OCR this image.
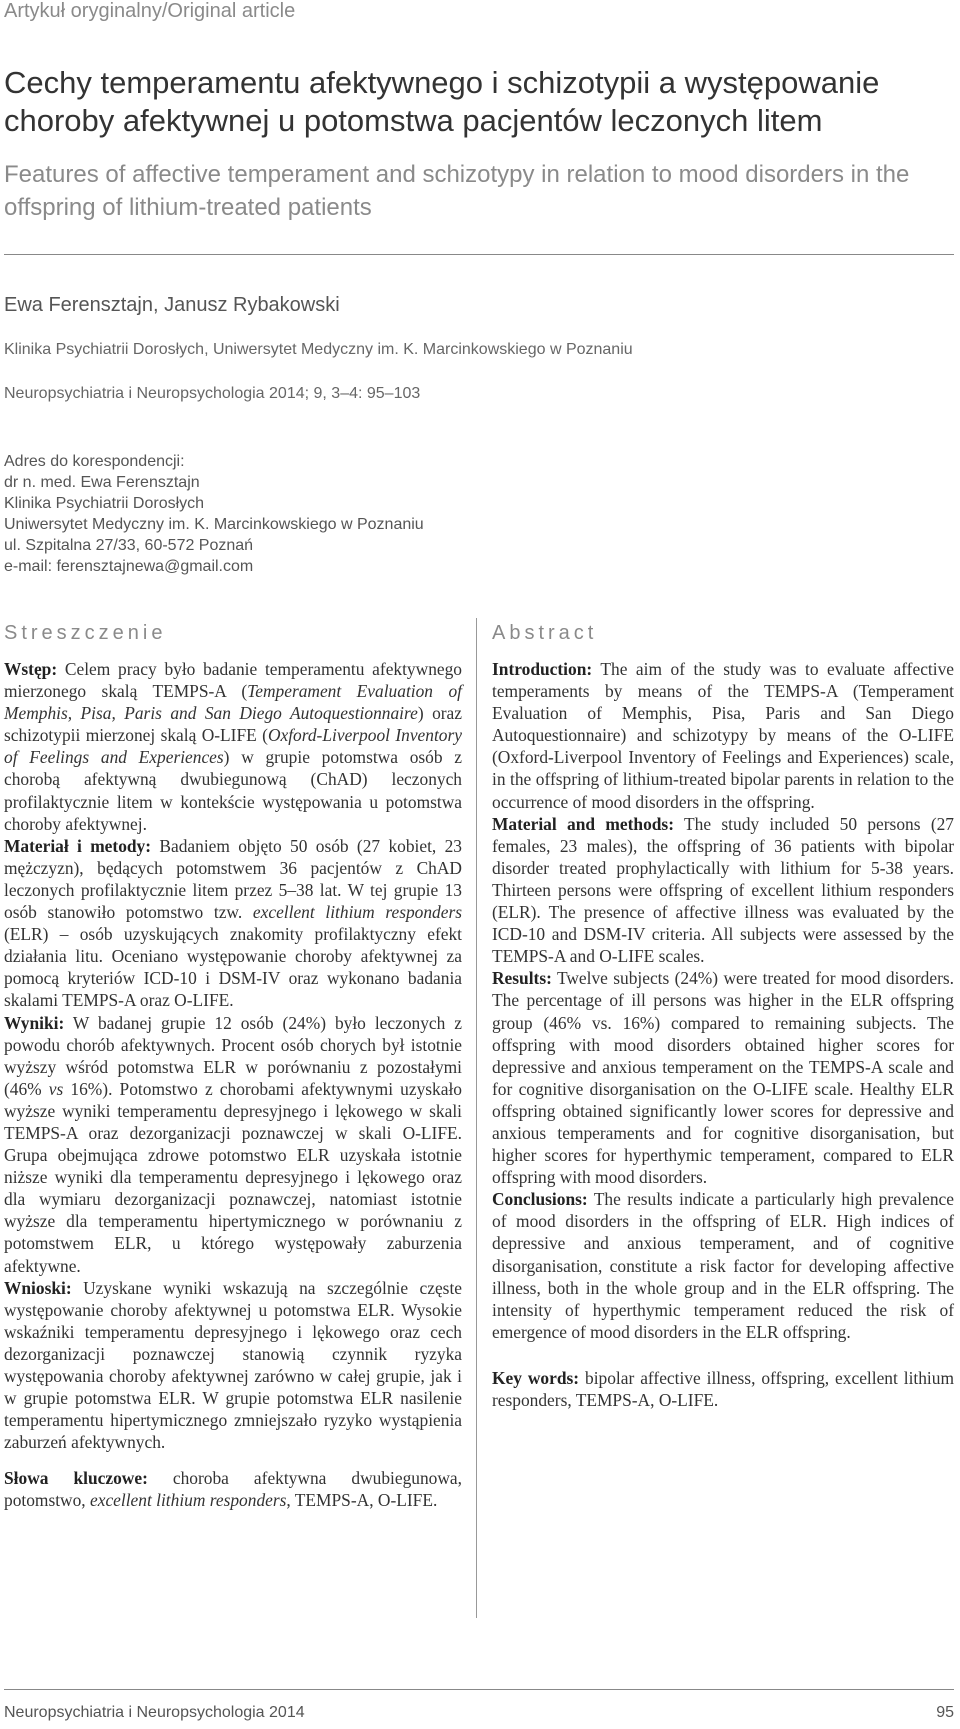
Artykuł oryginalny/Original article
Cechy temperamentu afektywnego i schizotypii a występowanie choroby afektywnej u potomstwa pacjentów leczonych litem
Features of affective temperament and schizotypy in relation to mood disorders in the offspring of lithium-treated patients
Ewa Ferensztajn, Janusz Rybakowski
Klinika Psychiatrii Dorosłych, Uniwersytet Medyczny im. K. Marcinkowskiego w Poznaniu
Neuropsychiatria i Neuropsychologia 2014; 9, 3–4: 95–103
Adres do korespondencji:
dr n. med. Ewa Ferensztajn
Klinika Psychiatrii Dorosłych
Uniwersytet Medyczny im. K. Marcinkowskiego w Poznaniu
ul. Szpitalna 27/33, 60-572 Poznań
e-mail: ferensztajnewa@gmail.com
Streszczenie	Abstract

Wstęp: Celem pracy było badanie temperamentu afektywnego mierzonego skalą TEMPS-A (Temperament Evaluation of Memphis, Pisa, Paris and San Diego Autoquestionnaire) oraz schizotypii mierzonej skalą O-LIFE (Oxford-Liverpool Inventory of Feelings and Experiences) w grupie potomstwa osób z chorobą afektywną dwubiegunową (ChAD) leczonych profilaktycznie litem w kontekście występowania u potomstwa choroby afektywnej.

Materiał i metody: Badaniem objęto 50 osób (27 kobiet, 23 mężczyzn), będących potomstwem 36 pacjentów z ChAD leczonych profilaktycznie litem przez 5–38 lat. W tej grupie 13 osób stanowiło potomstwo tzw. excellent lithium responders (ELR) – osób uzyskujących znakomity profilaktyczny efekt działania litu. Oceniano występowanie choroby afektywnej za pomocą kryteriów ICD-10 i DSM-IV oraz wykonano badania skalami TEMPS-A oraz O-LIFE.

Wyniki: W badanej grupie 12 osób (24%) było leczonych z powodu chorób afektywnych. Procent osób chorych był istotnie wyższy wśród potomstwa ELR w porównaniu z pozostałymi (46% vs 16%). Potomstwo z chorobami afektywnymi uzyskało wyższe wyniki temperamentu depresyjnego i lękowego w skali TEMPS-A oraz dezorganizacji poznawczej w skali O-LIFE. Grupa obejmująca zdrowe potomstwo ELR uzyskała istotnie niższe wyniki dla temperamentu depresyjnego i lękowego oraz dla wymiaru dezorganizacji poznawczej, natomiast istotnie wyższe dla temperamentu hipertymicznego w porównaniu z potomstwem ELR, u którego występowały zaburzenia afektywne.

Wnioski: Uzyskane wyniki wskazują na szczególnie częste występowanie choroby afektywnej u potomstwa ELR. Wysokie wskaźniki temperamentu depresyjnego i lękowego oraz cech dezorganizacji poznawczej stanowią czynnik ryzyka występowania choroby afektywnej zarówno w całej grupie, jak i w grupie potomstwa ELR. W grupie potomstwa ELR nasilenie temperamentu hipertymicznego zmniejszało ryzyko wystąpienia zaburzeń afektywnych.

Słowa kluczowe: choroba afektywna dwubiegunowa, potomstwo, excellent lithium responders, TEMPS-A, O-LIFE.

Introduction: The aim of the study was to evaluate affective temperaments by means of the TEMPS-A (Temperament Evaluation of Memphis, Pisa, Paris and San Diego Autoquestionnaire) and schizotypy by means of the O-LIFE (Oxford-Liverpool Inventory of Feelings and Experiences) scale, in the offspring of lithium-treated bipolar parents in relation to the occurrence of mood disorders in the offspring.

Material and methods: The study included 50 persons (27 females, 23 males), the offspring of 36 patients with bipolar disorder treated prophylactically with lithium for 5-38 years. Thirteen persons were offspring of excellent lithium responders (ELR). The presence of affective illness was evaluated by the ICD-10 and DSM-IV criteria. All subjects were assessed by the TEMPS-A and O-LIFE scales.

Results: Twelve subjects (24%) were treated for mood disorders. The percentage of ill persons was higher in the ELR offspring group (46% vs. 16%) compared to remaining subjects. The offspring with mood disorders obtained higher scores for depressive and anxious temperament on the TEMPS-A scale and for cognitive disorganisation on the O-LIFE scale. Healthy ELR offspring obtained significantly lower scores for depressive and anxious temperaments and for cognitive disorganisation, but higher scores for hyperthymic temperament, compared to ELR offspring with mood disorders.

Conclusions: The results indicate a particularly high prevalence of mood disorders in the offspring of ELR. High indices of depressive and anxious temperament, and of cognitive disorganisation, constitute a risk factor for developing affective illness, both in the whole group and in the ELR offspring. The intensity of hyperthymic temperament reduced the risk of emergence of mood disorders in the ELR offspring.

Key words: bipolar affective illness, offspring, excellent lithium responders, TEMPS-A, O-LIFE.

Neuropsychiatria i Neuropsychologia 2014	95
